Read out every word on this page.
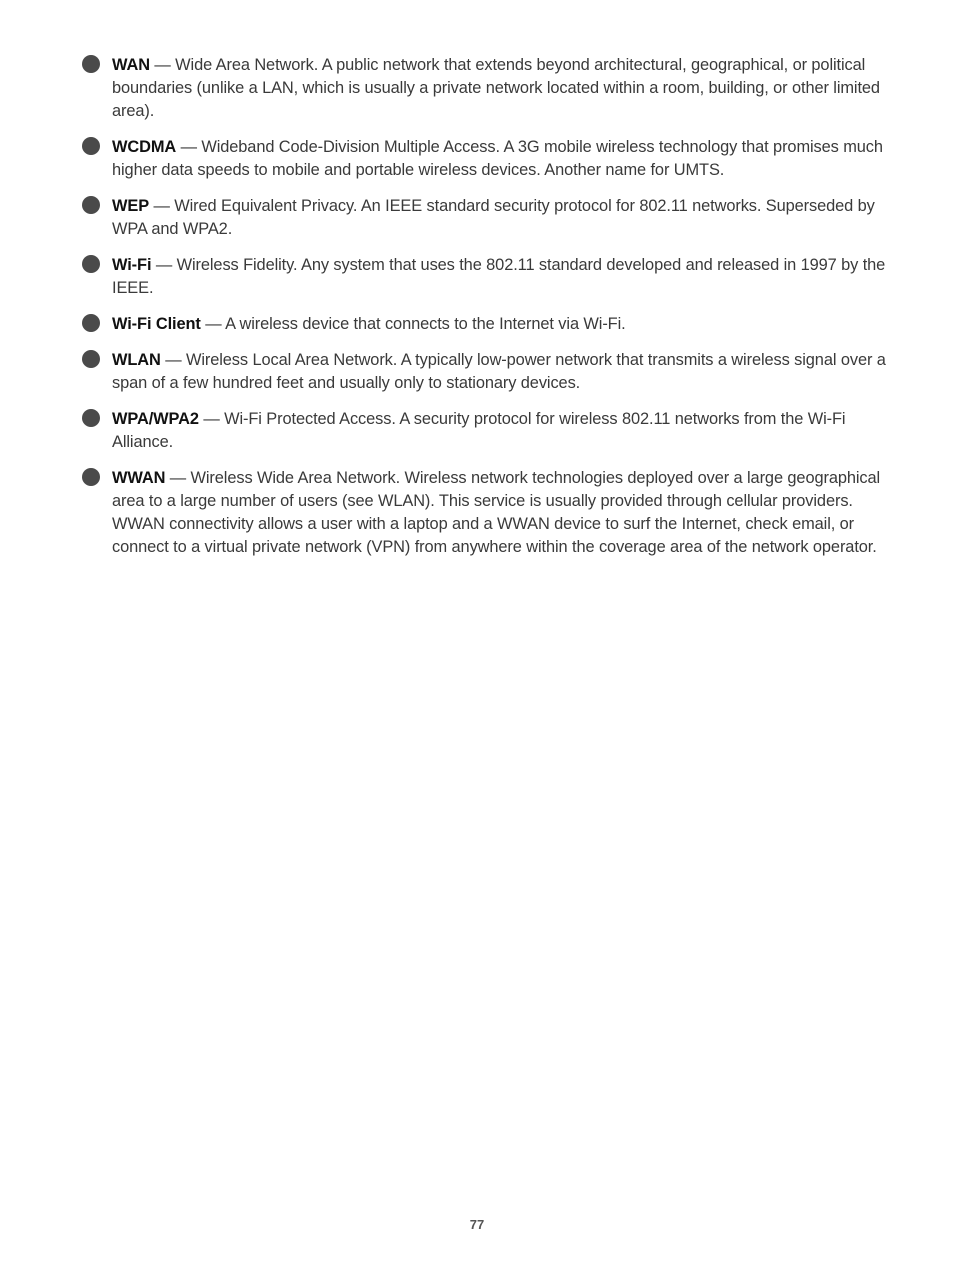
WAN — Wide Area Network. A public network that extends beyond architectural, geographical, or political boundaries (unlike a LAN, which is usually a private network located within a room, building, or other limited area).
WCDMA — Wideband Code-Division Multiple Access. A 3G mobile wireless technology that promises much higher data speeds to mobile and portable wireless devices. Another name for UMTS.
WEP — Wired Equivalent Privacy. An IEEE standard security protocol for 802.11 networks. Superseded by WPA and WPA2.
Wi-Fi — Wireless Fidelity. Any system that uses the 802.11 standard developed and released in 1997 by the IEEE.
Wi-Fi Client — A wireless device that connects to the Internet via Wi-Fi.
WLAN — Wireless Local Area Network. A typically low-power network that transmits a wireless signal over a span of a few hundred feet and usually only to stationary devices.
WPA/WPA2 — Wi-Fi Protected Access. A security protocol for wireless 802.11 networks from the Wi-Fi Alliance.
WWAN — Wireless Wide Area Network. Wireless network technologies deployed over a large geographical area to a large number of users (see WLAN). This service is usually provided through cellular providers. WWAN connectivity allows a user with a laptop and a WWAN device to surf the Internet, check email, or connect to a virtual private network (VPN) from anywhere within the coverage area of the network operator.
77
